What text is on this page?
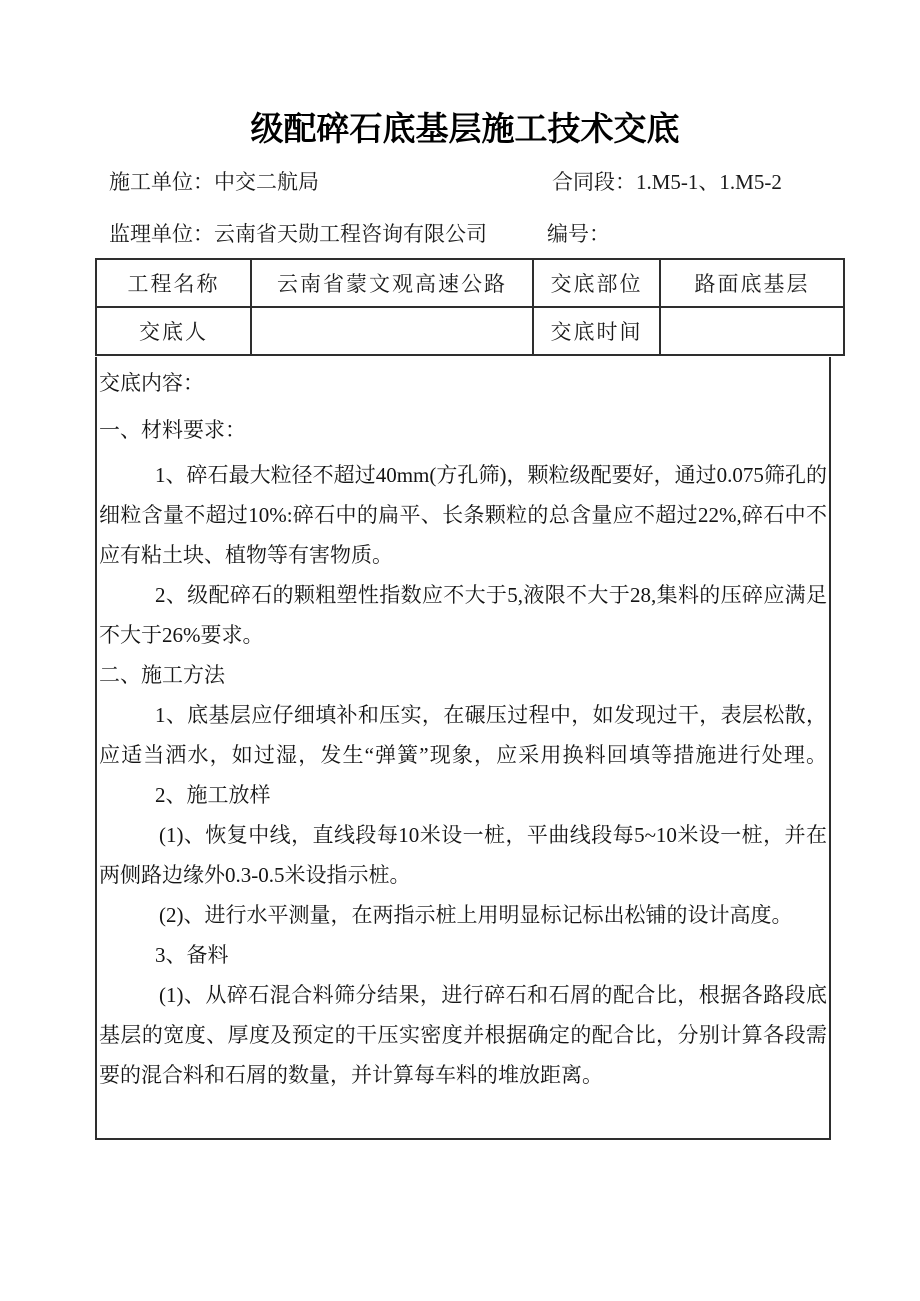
级配碎石底基层施工技术交底
施工单位：中交二航局	合同段：1.M5-1、1.M5-2
监理单位：云南省天勋工程咨询有限公司	编号：
工程名称	云南省蒙文观高速公路	交底部位	路面底基层
交底人		交底时间	
交底内容：
一、材料要求：
1、碎石最大粒径不超过40mm(方孔筛)，颗粒级配要好，通过0.075筛孔的
细粒含量不超过10%:碎石中的扁平、长条颗粒的总含量应不超过22%,碎石中不
应有粘土块、植物等有害物质。
2、级配碎石的颗粗塑性指数应不大于5,液限不大于28,集料的压碎应满足
不大于26%要求。
二、施工方法
1、底基层应仔细填补和压实，在碾压过程中，如发现过干，表层松散，
应适当洒水，如过湿，发生“弹簧”现象，应采用换料回填等措施进行处理。
2、施工放样
(1)、恢复中线，直线段每10米设一桩，平曲线段每5~10米设一桩，并在
两侧路边缘外0.3-0.5米设指示桩。
(2)、进行水平测量，在两指示桩上用明显标记标出松铺的设计高度。
3、备料
(1)、从碎石混合料筛分结果，进行碎石和石屑的配合比，根据各路段底
基层的宽度、厚度及预定的干压实密度并根据确定的配合比，分别计算各段需
要的混合料和石屑的数量，并计算每车料的堆放距离。
